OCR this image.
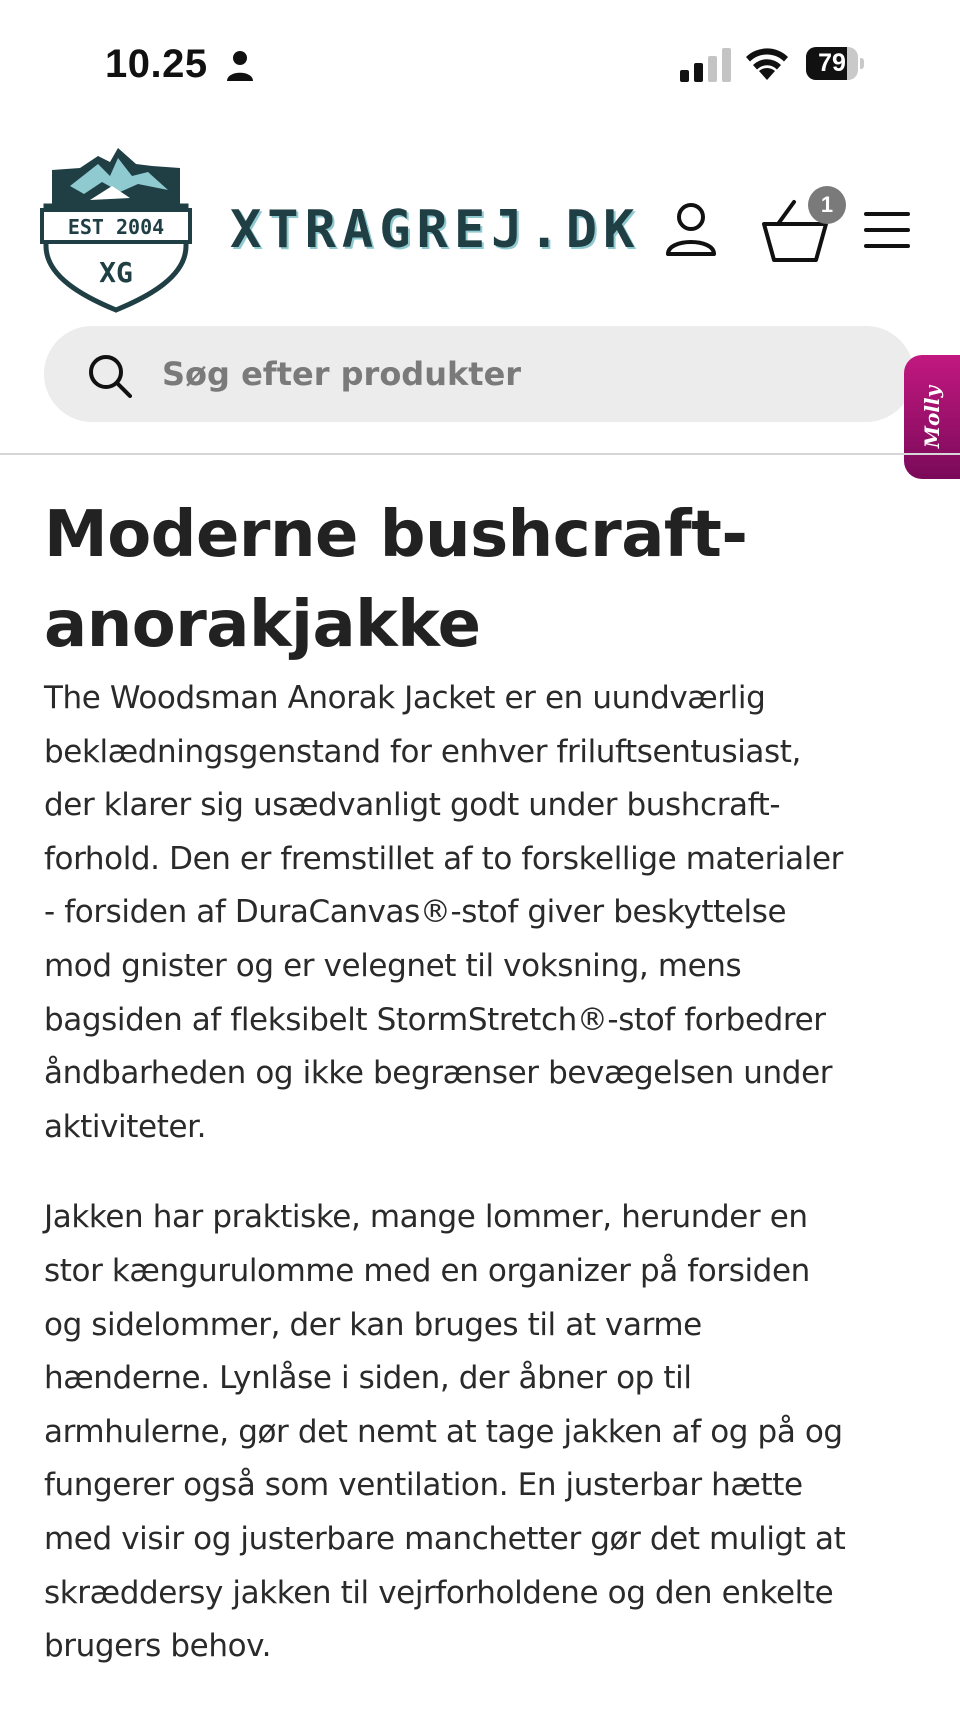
10.25	79
EST 2004
XG
XTRAGREJ.DK	1
Søg efter produkter
Molly
Moderne bushcraft-
anorakjakke
The Woodsman Anorak Jacket er en uundværlig
beklædningsgenstand for enhver friluftsentusiast,
der klarer sig usædvanligt godt under bushcraft-
forhold. Den er fremstillet af to forskellige materialer
- forsiden af DuraCanvas®-stof giver beskyttelse
mod gnister og er velegnet til voksning, mens
bagsiden af fleksibelt StormStretch®-stof forbedrer
åndbarheden og ikke begrænser bevægelsen under
aktiviteter.
Jakken har praktiske, mange lommer, herunder en
stor kængurulomme med en organizer på forsiden
og sidelommer, der kan bruges til at varme
hænderne. Lynlåse i siden, der åbner op til
armhulerne, gør det nemt at tage jakken af og på og
fungerer også som ventilation. En justerbar hætte
med visir og justerbare manchetter gør det muligt at
skræddersy jakken til vejrforholdene og den enkelte
brugers behov.
